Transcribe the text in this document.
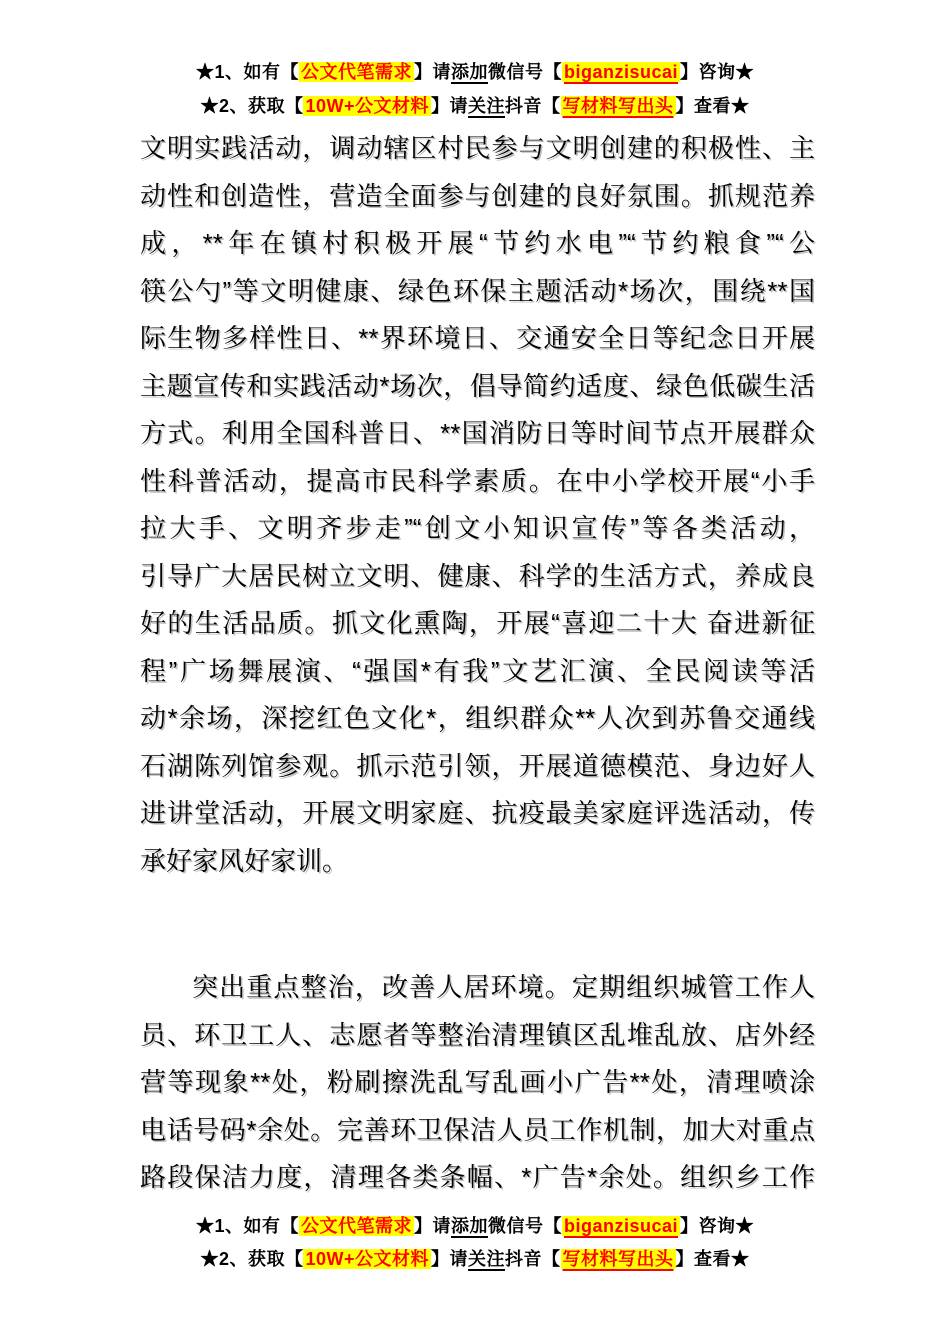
★1、如有【 公文代笔需求 】请添加微信号【 biganzisucai 】咨询★
★2、获取【 10W+公文材料 】请关注抖音【 写材料写出头 】查看★
文明实践活动，调动辖区村民参与文明创建的积极性、主
动性和创造性，营造全面参与创建的良好氛围。抓规范养
成，**年在镇村积极开展“节约水电”“节约粮食”“公
筷公勺”等文明健康、绿色环保主题活动*场次，围绕**国
际生物多样性日、**界环境日、交通安全日等纪念日开展
主题宣传和实践活动*场次，倡导简约适度、绿色低碳生活
方式。利用全国科普日、**国消防日等时间节点开展群众
性科普活动，提高市民科学素质。在中小学校开展“小手
拉大手、文明齐步走”“创文小知识宣传”等各类活动，
引导广大居民树立文明、健康、科学的生活方式，养成良
好的生活品质。抓文化熏陶，开展“喜迎二十大 奋进新征
程”广场舞展演、“强国*有我”文艺汇演、全民阅读等活
动*余场，深挖红色文化*，组织群众**人次到苏鲁交通线
石湖陈列馆参观。抓示范引领，开展道德模范、身边好人
进讲堂活动，开展文明家庭、抗疫最美家庭评选活动，传
承好家风好家训。
突出重点整治，改善人居环境。定期组织城管工作人
员、环卫工人、志愿者等整治清理镇区乱堆乱放、店外经
营等现象**处，粉刷擦洗乱写乱画小广告**处，清理喷涂
电话号码*余处。完善环卫保洁人员工作机制，加大对重点
路段保洁力度，清理各类条幅、*广告*余处。组织乡工作
★1、如有【 公文代笔需求 】请添加微信号【 biganzisucai 】咨询★
★2、获取【 10W+公文材料 】请关注抖音【 写材料写出头 】查看★
